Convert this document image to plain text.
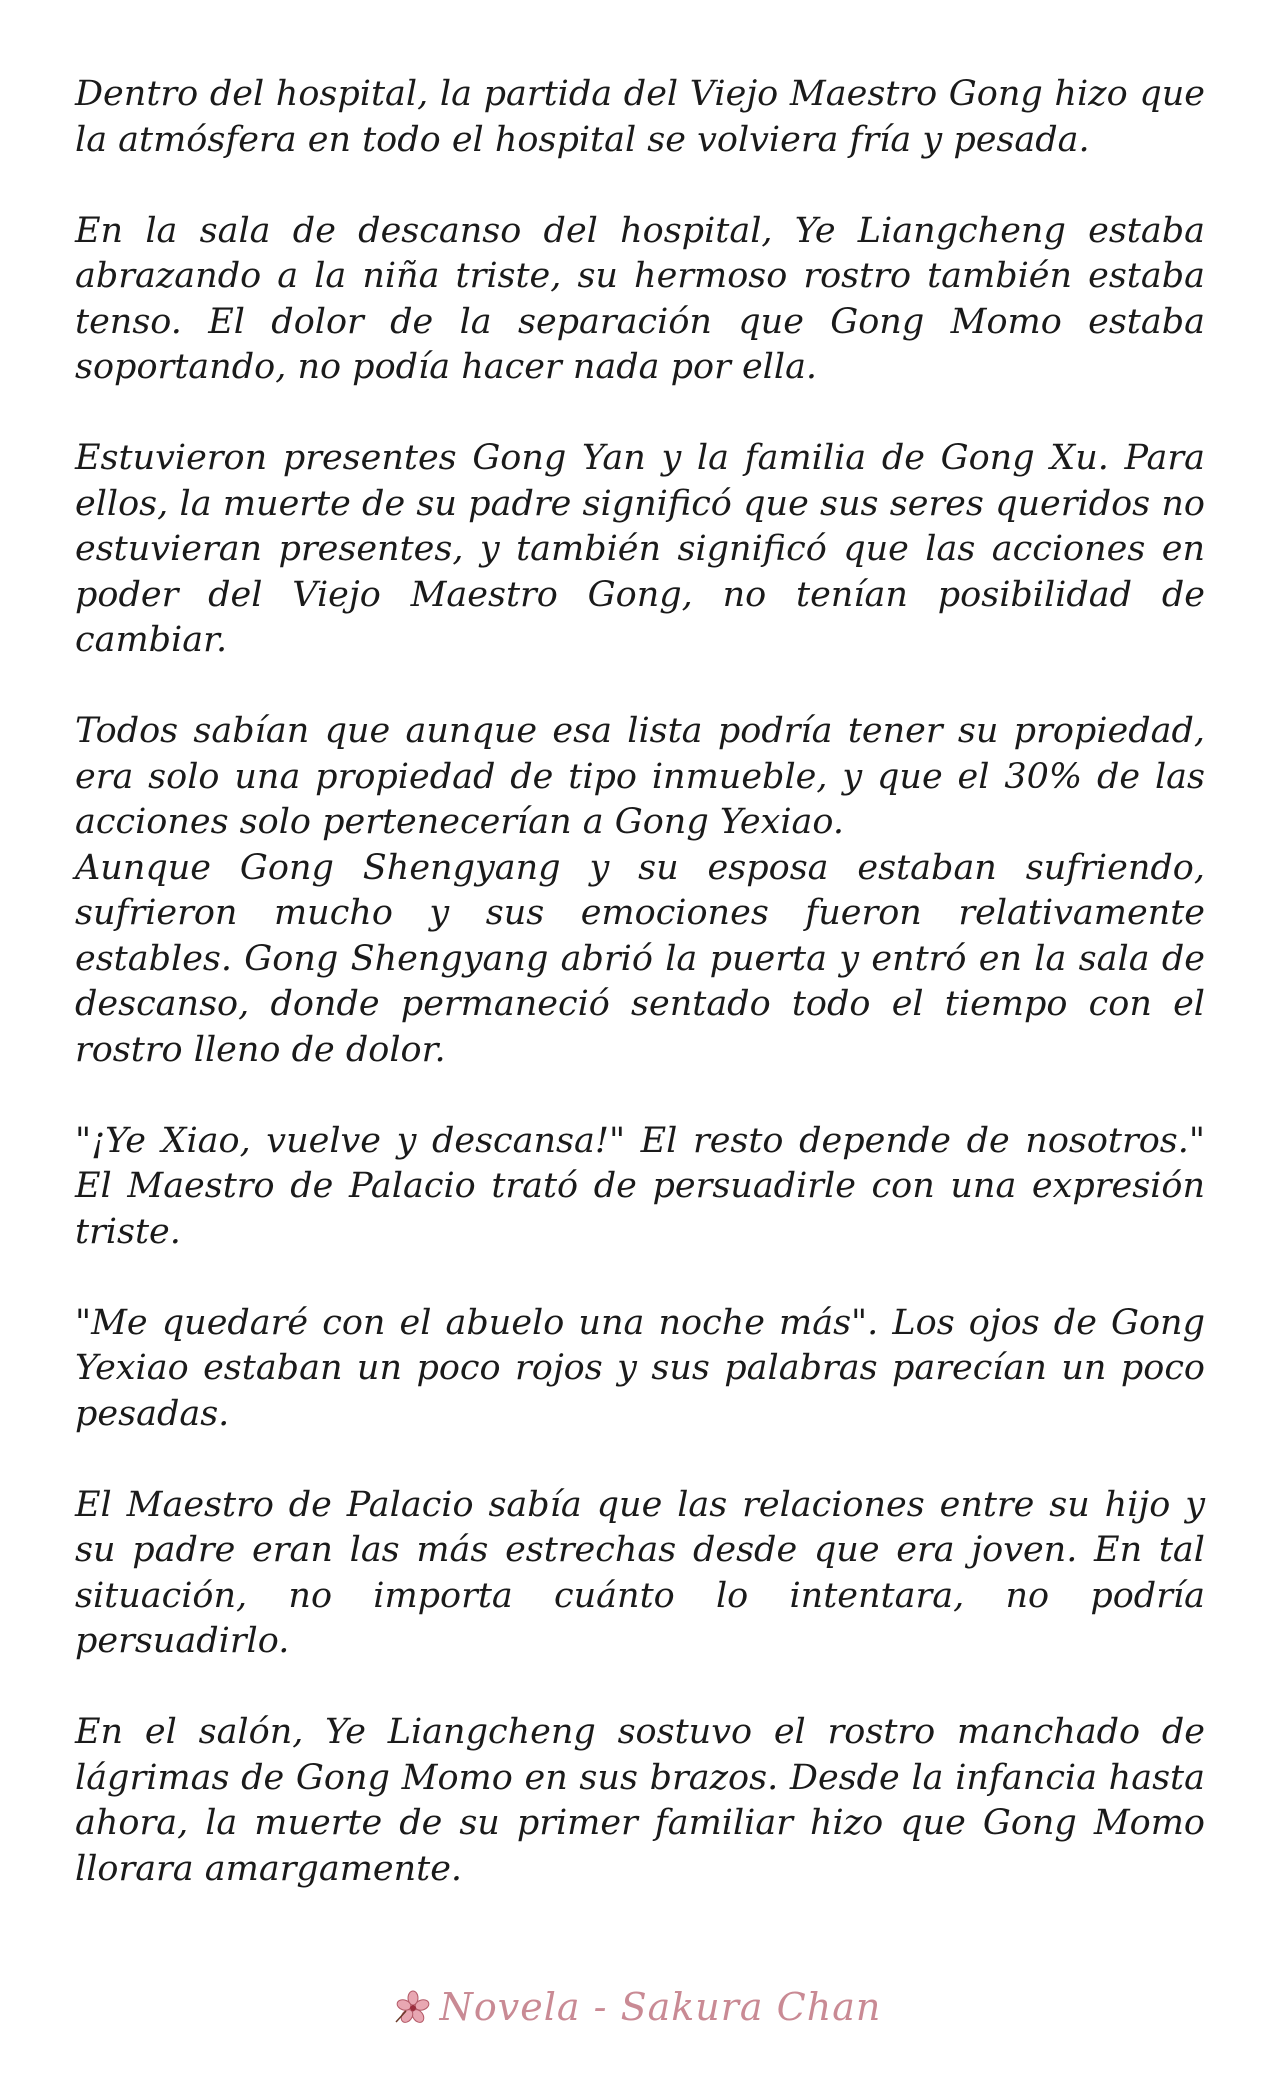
Dentro del hospital, la partida del Viejo Maestro Gong hizo que la atmósfera en todo el hospital se volviera fría y pesada.

En la sala de descanso del hospital, Ye Liangcheng estaba abrazando a la niña triste, su hermoso rostro también estaba tenso. El dolor de la separación que Gong Momo estaba soportando, no podía hacer nada por ella.

Estuvieron presentes Gong Yan y la familia de Gong Xu. Para ellos, la muerte de su padre significó que sus seres queridos no estuvieran presentes, y también significó que las acciones en poder del Viejo Maestro Gong, no tenían posibilidad de cambiar.

Todos sabían que aunque esa lista podría tener su propiedad, era solo una propiedad de tipo inmueble, y que el 30% de las acciones solo pertenecerían a Gong Yexiao.

Aunque Gong Shengyang y su esposa estaban sufriendo, sufrieron mucho y sus emociones fueron relativamente estables. Gong Shengyang abrió la puerta y entró en la sala de descanso, donde permaneció sentado todo el tiempo con el rostro lleno de dolor.

"¡Ye Xiao, vuelve y descansa!" El resto depende de nosotros." El Maestro de Palacio trató de persuadirle con una expresión triste.

"Me quedaré con el abuelo una noche más". Los ojos de Gong Yexiao estaban un poco rojos y sus palabras parecían un poco pesadas.

El Maestro de Palacio sabía que las relaciones entre su hijo y su padre eran las más estrechas desde que era joven. En tal situación, no importa cuánto lo intentara, no podría persuadirlo.

En el salón, Ye Liangcheng sostuvo el rostro manchado de lágrimas de Gong Momo en sus brazos. Desde la infancia hasta ahora, la muerte de su primer familiar hizo que Gong Momo llorara amargamente.

Novela - Sakura Chan
